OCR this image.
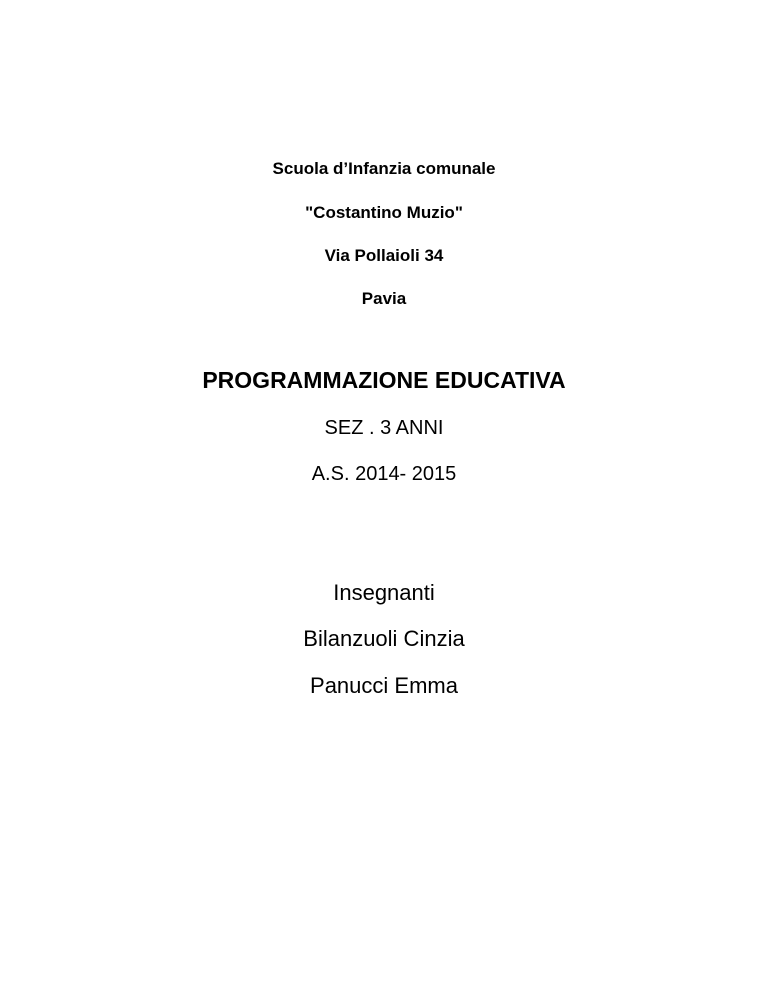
Scuola d’Infanzia comunale
"Costantino Muzio"
Via Pollaioli 34
Pavia
PROGRAMMAZIONE EDUCATIVA
SEZ . 3 ANNI
A.S. 2014- 2015
Insegnanti
Bilanzuoli Cinzia
Panucci Emma
